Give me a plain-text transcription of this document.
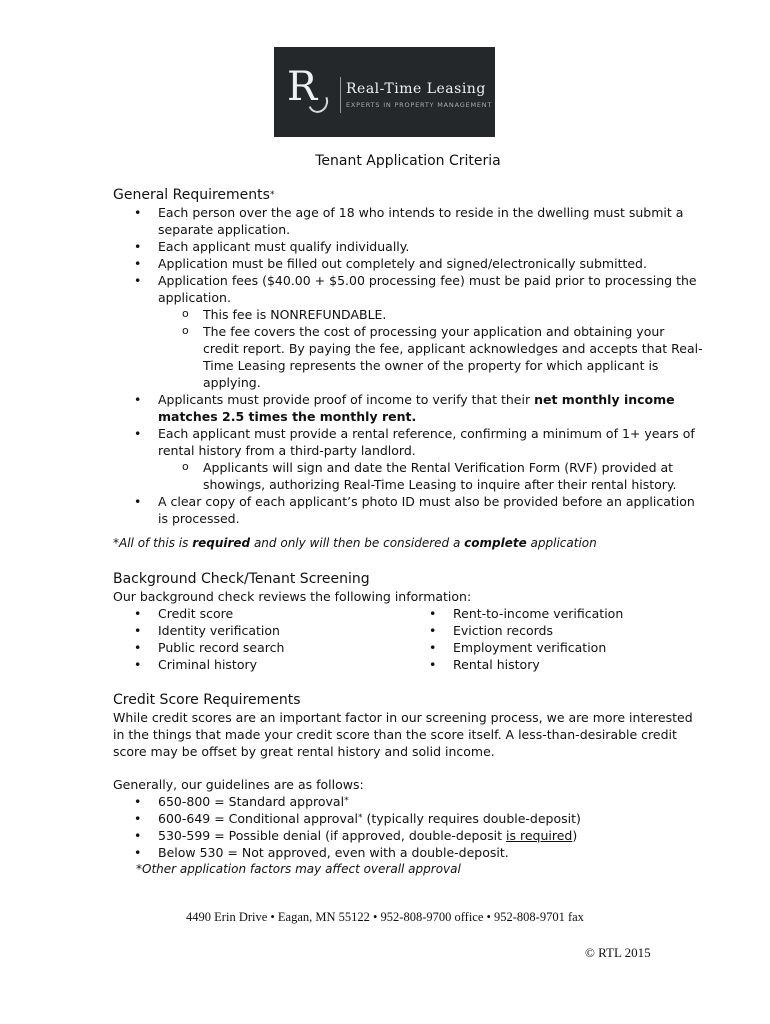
R Real-Time Leasing
EXPERTS IN PROPERTY MANAGEMENT
Tenant Application Criteria
General Requirements*
• Each person over the age of 18 who intends to reside in the dwelling must submit a separate application.
• Each applicant must qualify individually.
• Application must be filled out completely and signed/electronically submitted.
• Application fees ($40.00 + $5.00 processing fee) must be paid prior to processing the application.
o This fee is NONREFUNDABLE.
o The fee covers the cost of processing your application and obtaining your credit report. By paying the fee, applicant acknowledges and accepts that Real-Time Leasing represents the owner of the property for which applicant is applying.
• Applicants must provide proof of income to verify that their net monthly income matches 2.5 times the monthly rent.
• Each applicant must provide a rental reference, confirming a minimum of 1+ years of rental history from a third-party landlord.
o Applicants will sign and date the Rental Verification Form (RVF) provided at showings, authorizing Real-Time Leasing to inquire after their rental history.
• A clear copy of each applicant’s photo ID must also be provided before an application is processed.

*All of this is required and only will then be considered a complete application

Background Check/Tenant Screening

Our background check reviews the following information:

• Credit score
• Identity verification
• Public record search
• Criminal history
• Rent-to-income verification
• Eviction records
• Employment verification
• Rental history
Credit Score Requirements

While credit scores are an important factor in our screening process, we are more interested in the things that made your credit score than the score itself. A less-than-desirable credit score may be offset by great rental history and solid income.

Generally, our guidelines are as follows:

• 650-800 = Standard approval*
• 600-649 = Conditional approval* (typically requires double-deposit)
• 530-599 = Possible denial (if approved, double-deposit is required)
• Below 530 = Not approved, even with a double-deposit.

*Other application factors may affect overall approval

4490 Erin Drive • Eagan, MN 55122 • 952-808-9700 office • 952-808-9701 fax
© RTL 2015
